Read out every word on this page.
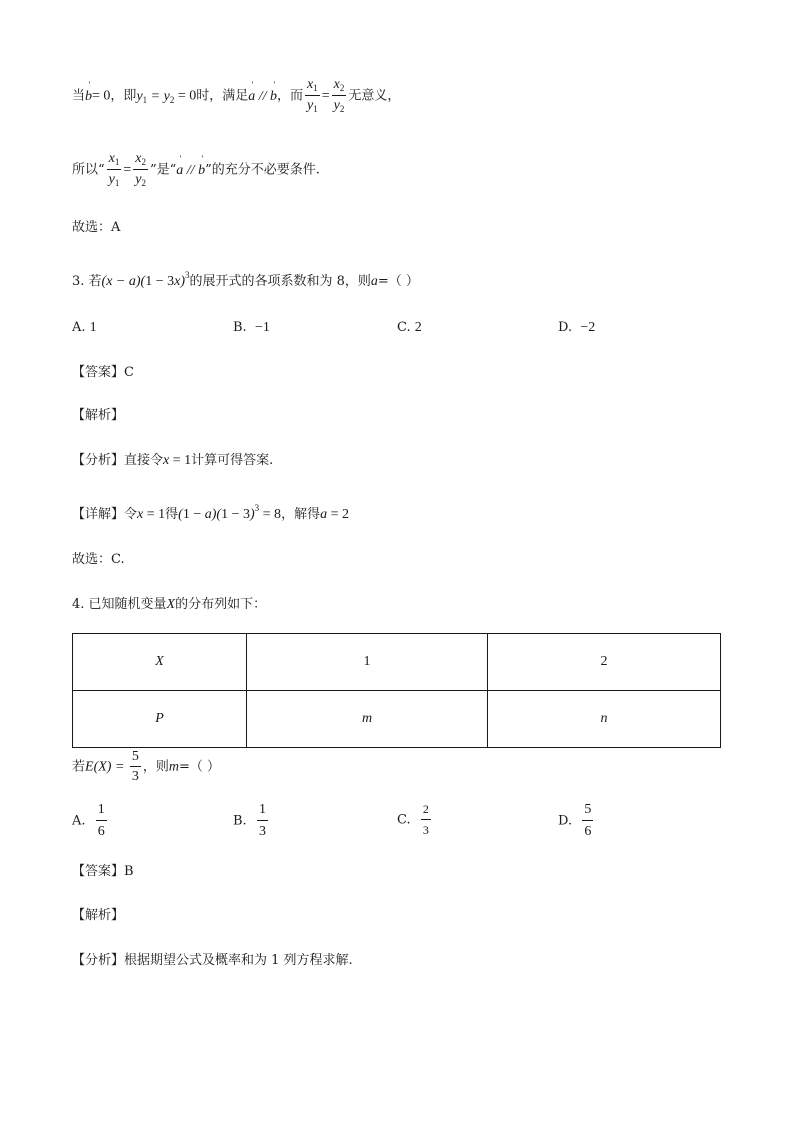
当' b= 0，即$y_1 = y_2 = 0$时，满足' a // ' b，而 $\frac{x_1}{y_1} = \frac{x_2}{y_2}$ 无意义，
所以“ $\frac{x_1}{y_1} = \frac{x_2}{y_2}$ ”是“' a // ' b”的充分不必要条件.
故选：A
3. 若$(x - a)(1 - 3x)^3$的展开式的各项系数和为 8，则a=（ ）
A. 1	B. −1	C. 2	D. −2
【答案】C
【解析】
【分析】直接令x = 1计算可得答案.
【详解】令x = 1得$(1 - a)(1 - 3)^3 = 8$，解得a = 2
故选：C.
4. 已知随机变量X的分布列如下：
X	1	2
P	m	n
若$E(X) = \frac{5}{3}$ ，则m=（ ）
A. $\frac{1}{6}$	B. $\frac{1}{3}$	C. $\frac{2}{3}$	D. $\frac{5}{6}$
【答案】B
【解析】
【分析】根据期望公式及概率和为 1 列方程求解.
